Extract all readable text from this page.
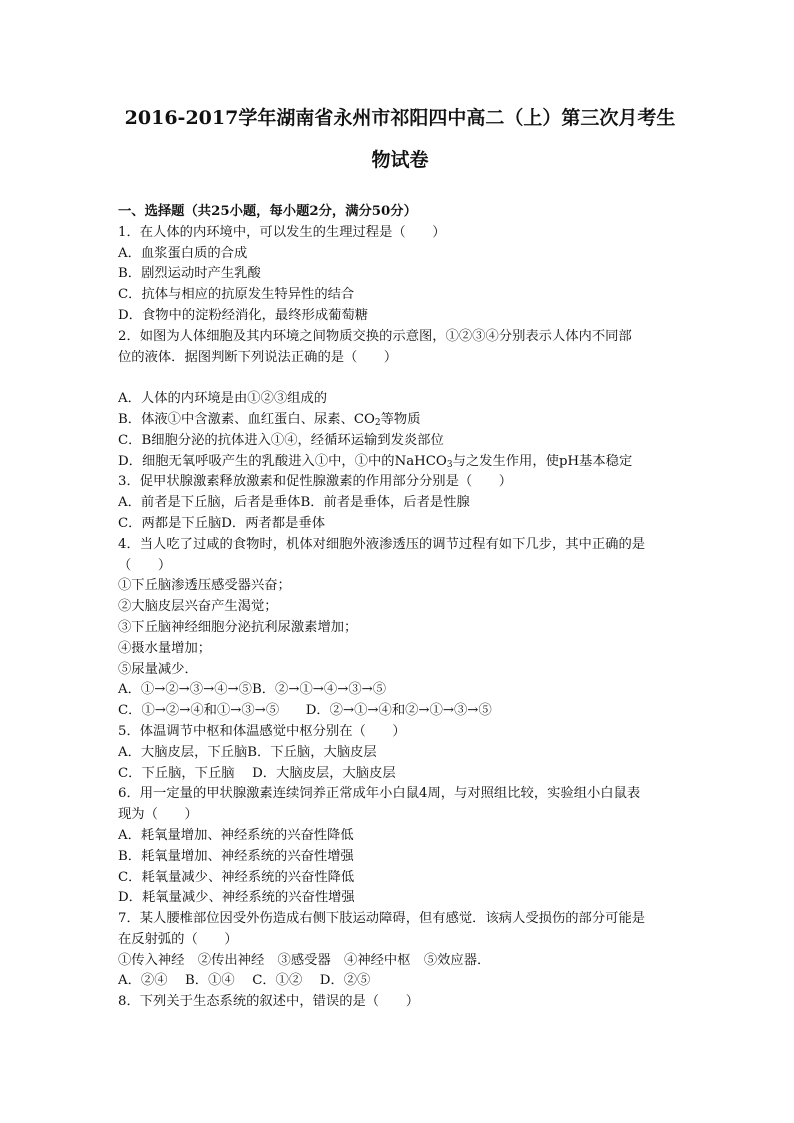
2016-2017学年湖南省永州市祁阳四中高二（上）第三次月考生
物试卷
一、选择题（共25小题，每小题2分，满分50分）
1．在人体的内环境中，可以发生的生理过程是（　　）
A．血浆蛋白质的合成
B．剧烈运动时产生乳酸
C．抗体与相应的抗原发生特异性的结合
D．食物中的淀粉经消化，最终形成葡萄糖
2．如图为人体细胞及其内环境之间物质交换的示意图，①②③④分别表示人体内不同部
位的液体．据图判断下列说法正确的是（　　）
A．人体的内环境是由①②③组成的
B．体液①中含激素、血红蛋白、尿素、$CO_2$等物质
C．B细胞分泌的抗体进入①④，经循环运输到发炎部位
D．细胞无氧呼吸产生的乳酸进入①中，①中的NaHCO$_3$与之发生作用，使pH基本稳定
3．促甲状腺激素释放激素和促性腺激素的作用部分分别是（　　）
A．前者是下丘脑，后者是垂体B．前者是垂体，后者是性腺
C．两都是下丘脑D．两者都是垂体
4．当人吃了过咸的食物时，机体对细胞外液渗透压的调节过程有如下几步，其中正确的是
（　　）
①下丘脑渗透压感受器兴奋；
②大脑皮层兴奋产生渴觉；
③下丘脑神经细胞分泌抗利尿激素增加；
④摄水量增加；
⑤尿量减少．
A．①→②→③→④→⑤B．②→①→④→③→⑤
C．①→②→④和①→③→⑤　　D．②→①→④和②→①→③→⑤
5．体温调节中枢和体温感觉中枢分别在（　　）
A．大脑皮层，下丘脑B．下丘脑，大脑皮层
C．下丘脑，下丘脑　 D．大脑皮层，大脑皮层
6．用一定量的甲状腺激素连续饲养正常成年小白鼠4周，与对照组比较，实验组小白鼠表
现为（　　）
A．耗氧量增加、神经系统的兴奋性降低
B．耗氧量增加、神经系统的兴奋性增强
C．耗氧量减少、神经系统的兴奋性降低
D．耗氧量减少、神经系统的兴奋性增强
7．某人腰椎部位因受外伤造成右侧下肢运动障碍，但有感觉．该病人受损伤的部分可能是
在反射弧的（　　）
①传入神经　②传出神经　③感受器　④神经中枢　⑤效应器．
A．②④　 B．①④　 C．①②　 D．②⑤
8．下列关于生态系统的叙述中，错误的是（　　）
